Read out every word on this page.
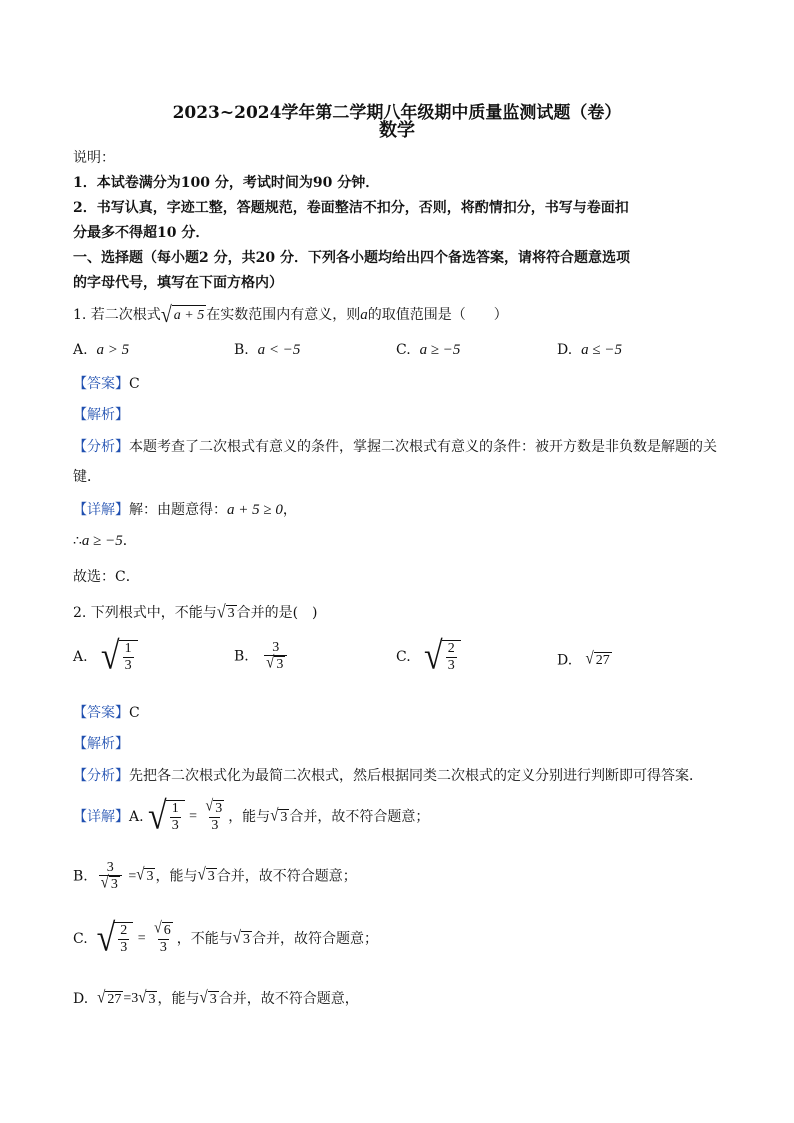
2023~2024学年第二学期八年级期中质量监测试题（卷）
数学
说明：
1．本试卷满分为100 分，考试时间为90 分钟．
2．书写认真，字迹工整，答题规范，卷面整洁不扣分，否则，将酌情扣分，书写与卷面扣
分最多不得超10 分．
一、选择题（每小题2 分，共20 分．下列各小题均给出四个备选答案，请将符合题意选项
的字母代号，填写在下面方格内）
1. 若二次根式 √ a + 5 在实数范围内有意义，则a的取值范围是（　　）
A. a > 5	B. a < −5	C. a ≥ −5	D. a ≤ −5
【答案】C
【解析】
【分析】本题考查了二次根式有意义的条件，掌握二次根式有意义的条件：被开方数是非负数是解题的关
键．
【详解】解：由题意得：a + 5 ≥ 0，
∴a ≥ −5．
故选：C．
2. 下列根式中，不能与 √ 3 合并的是(　)
A. √ $\frac{1}{3}$	B. $\frac{3}{√ 3}$	C. √ $\frac{2}{3}$	D. √ 27
【答案】C
【解析】
【分析】先把各二次根式化为最简二次根式，然后根据同类二次根式的定义分别进行判断即可得答案．
【详解】A. √ $\frac{1}{3} = \frac{√ 3}{3}$ ，能与 √ 3 合并，故不符合题意；
B. $\frac{3}{√ 3}$ = √ 3 ，能与 √ 3 合并，故不符合题意；
C. √ $\frac{2}{3} = \frac{√ 6}{3}$ ，不能与 √ 3 合并，故符合题意；
D. √ 27 =3 √ 3 ，能与 √ 3 合并，故不符合题意，
